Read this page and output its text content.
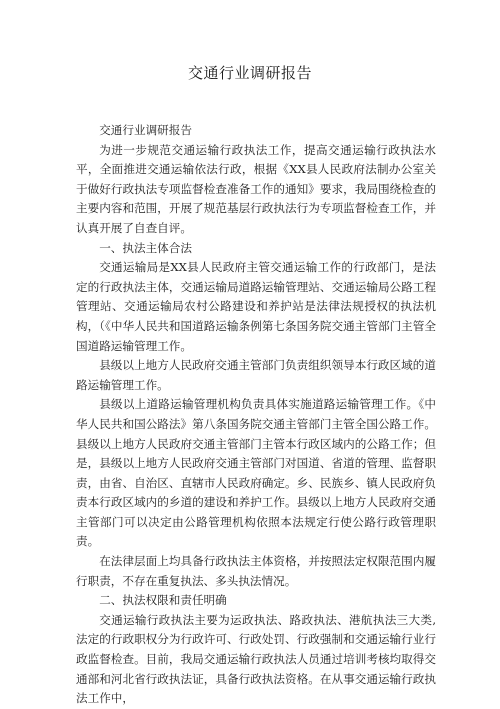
交通行业调研报告

交通行业调研报告

为进一步规范交通运输行政执法工作，提高交通运输行政执法水平，全面推进交通运输依法行政，根据《XX县人民政府法制办公室关于做好行政执法专项监督检查准备工作的通知》要求，我局围绕检查的主要内容和范围，开展了规范基层行政执法行为专项监督检查工作，并认真开展了自查自评。

一、执法主体合法

交通运输局是XX县人民政府主管交通运输工作的行政部门，是法定的行政执法主体，交通运输局道路运输管理站、交通运输局公路工程管理站、交通运输局农村公路建设和养护站是法律法规授权的执法机构，（《中华人民共和国道路运输条例第七条国务院交通主管部门主管全国道路运输管理工作。

县级以上地方人民政府交通主管部门负责组织领导本行政区域的道路运输管理工作。

县级以上道路运输管理机构负责具体实施道路运输管理工作。《中华人民共和国公路法》第八条国务院交通主管部门主管全国公路工作。县级以上地方人民政府交通主管部门主管本行政区域内的公路工作；但是，县级以上地方人民政府交通主管部门对国道、省道的管理、监督职责，由省、自治区、直辖市人民政府确定。乡、民族乡、镇人民政府负责本行政区域内的乡道的建设和养护工作。县级以上地方人民政府交通主管部门可以决定由公路管理机构依照本法规定行使公路行政管理职责。

在法律层面上均具备行政执法主体资格，并按照法定权限范围内履行职责，不存在重复执法、多头执法情况。

二、执法权限和责任明确

交通运输行政执法主要为运政执法、路政执法、港航执法三大类,法定的行政职权分为行政许可、行政处罚、行政强制和交通运输行业行政监督检查。目前，我局交通运输行政执法人员通过培训考核均取得交通部和河北省行政执法证，具备行政执法资格。在从事交通运输行政执法工作中，
